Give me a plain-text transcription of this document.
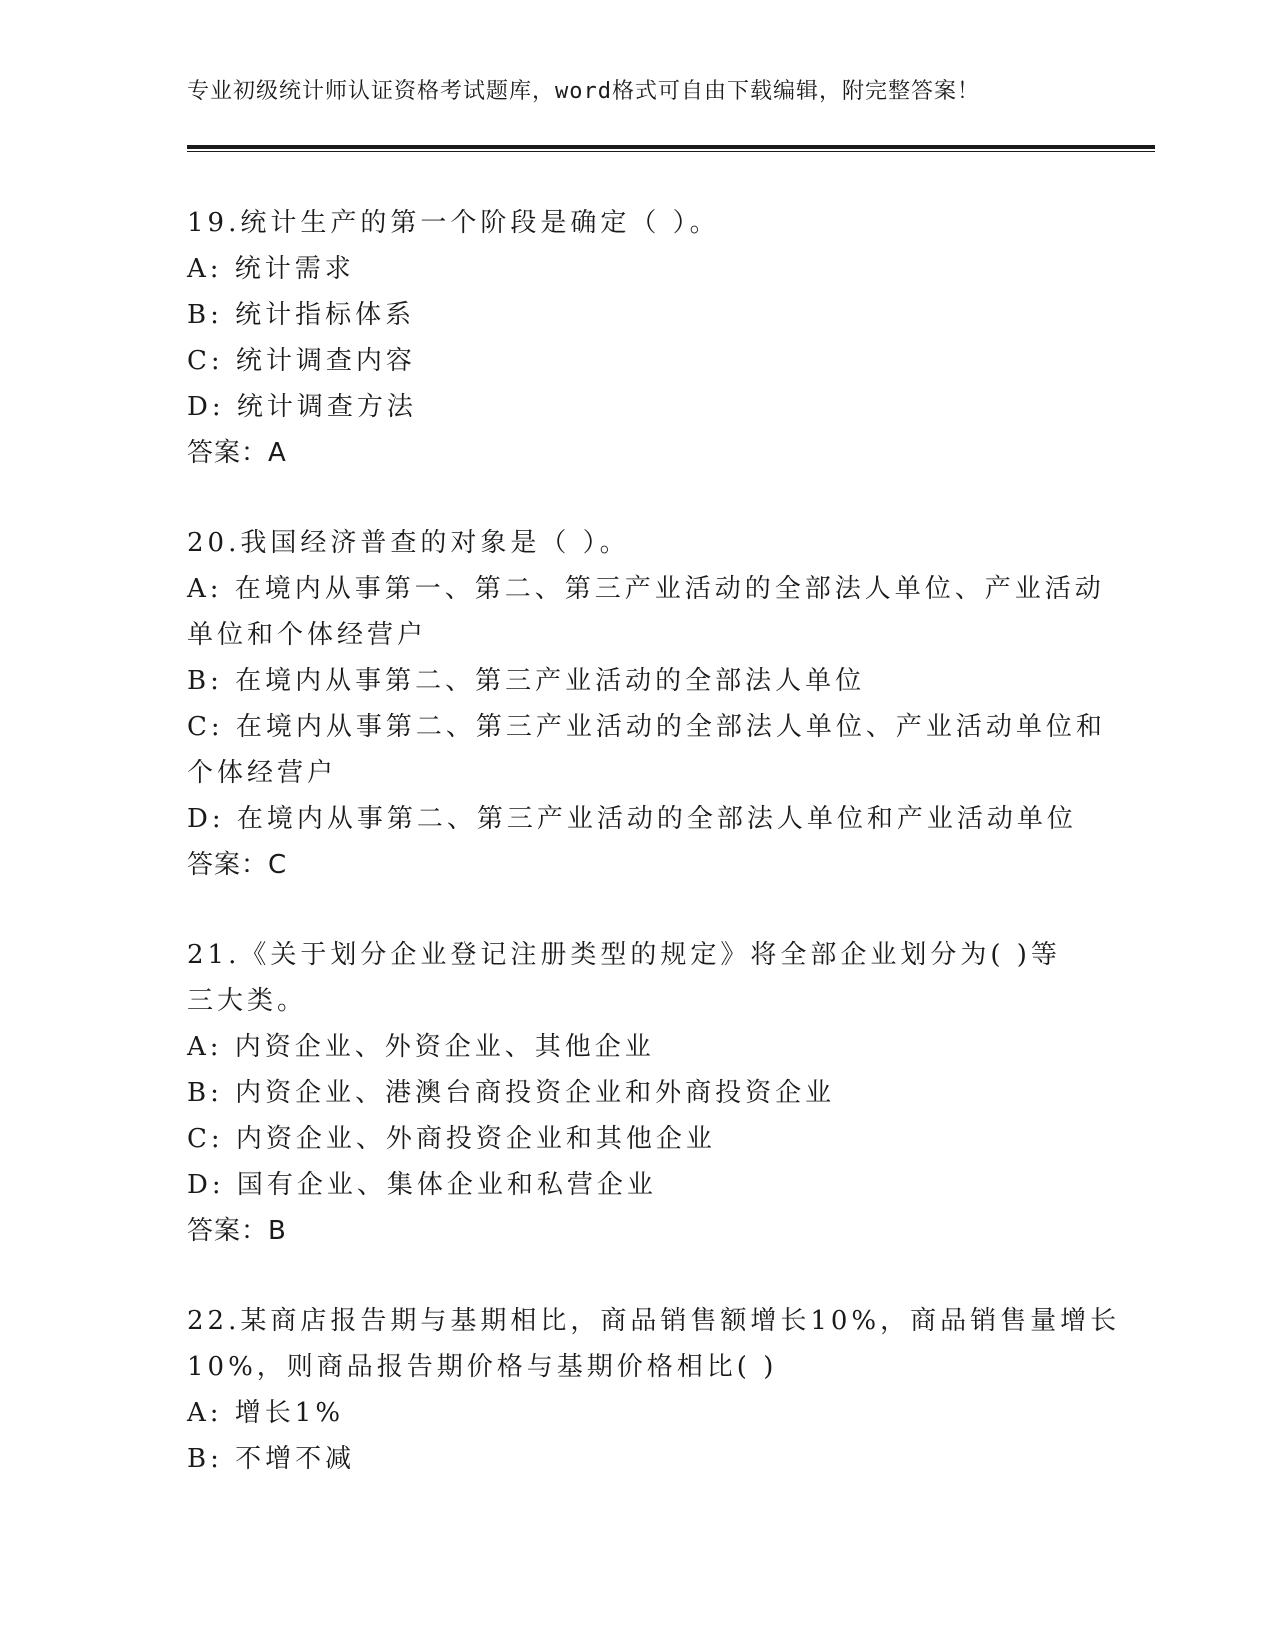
专业初级统计师认证资格考试题库，word格式可自由下载编辑，附完整答案！
19.统计生产的第一个阶段是确定（ ）。
A: 统计需求
B: 统计指标体系
C: 统计调查内容
D: 统计调查方法
答案：A
20.我国经济普查的对象是（ ）。
A: 在境内从事第一、第二、第三产业活动的全部法人单位、产业活动
单位和个体经营户
B: 在境内从事第二、第三产业活动的全部法人单位
C: 在境内从事第二、第三产业活动的全部法人单位、产业活动单位和
个体经营户
D: 在境内从事第二、第三产业活动的全部法人单位和产业活动单位
答案：C
21.《关于划分企业登记注册类型的规定》将全部企业划分为( )等
三大类。
A: 内资企业、外资企业、其他企业
B: 内资企业、港澳台商投资企业和外商投资企业
C: 内资企业、外商投资企业和其他企业
D: 国有企业、集体企业和私营企业
答案：B
22.某商店报告期与基期相比，商品销售额增长10%，商品销售量增长
10%，则商品报告期价格与基期价格相比( )
A: 增长1%
B: 不增不减
